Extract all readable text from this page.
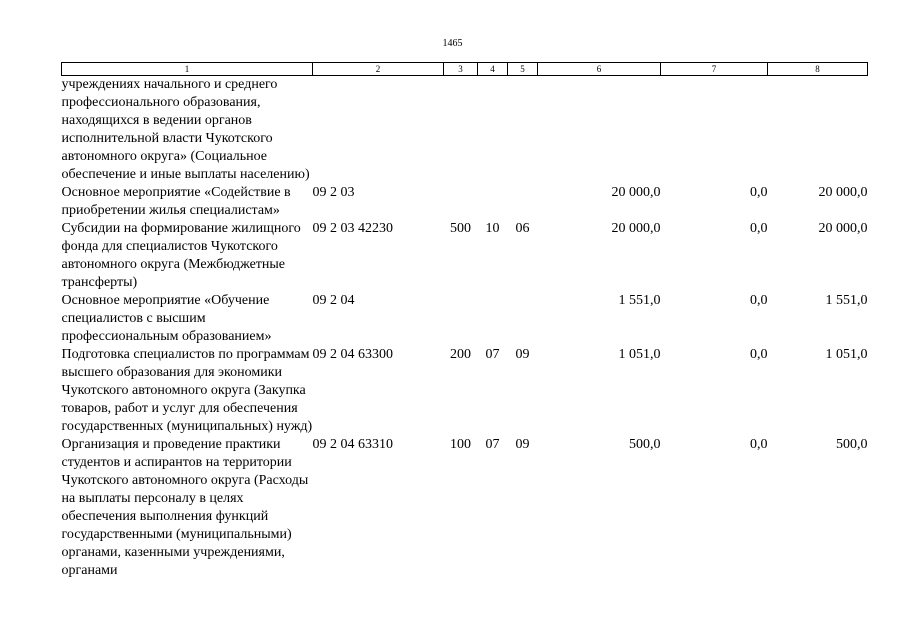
1465
1	2	3	4	5	6	7	8

учреждениях начального и среднего профессионального образования, находящихся в ведении органов исполнительной власти Чукотского автономного округа» (Социальное обеспечение и иные выплаты населению)							

Основное мероприятие «Содействие в приобретении жилья специалистам»	09 2 03				20 000,0	0,0	20 000,0

Субсидии на формирование жилищного фонда для специалистов Чукотского автономного округа (Межбюджетные трансферты)	09 2 03 42230	500	10	06	20 000,0	0,0	20 000,0

Основное мероприятие «Обучение специалистов с высшим профессиональным образованием»	09 2 04				1 551,0	0,0	1 551,0

Подготовка специалистов по программам высшего образования для экономики Чукотского автономного округа (Закупка товаров, работ и услуг для обеспечения государственных (муниципальных) нужд)	09 2 04 63300	200	07	09	1 051,0	0,0	1 051,0

Организация и проведение практики студентов и аспирантов на территории Чукотского автономного округа (Расходы на выплаты персоналу в целях обеспечения выполнения функций государственными (муниципальными) органами, казенными учреждениями, органами	09 2 04 63310	100	07	09	500,0	0,0	500,0
